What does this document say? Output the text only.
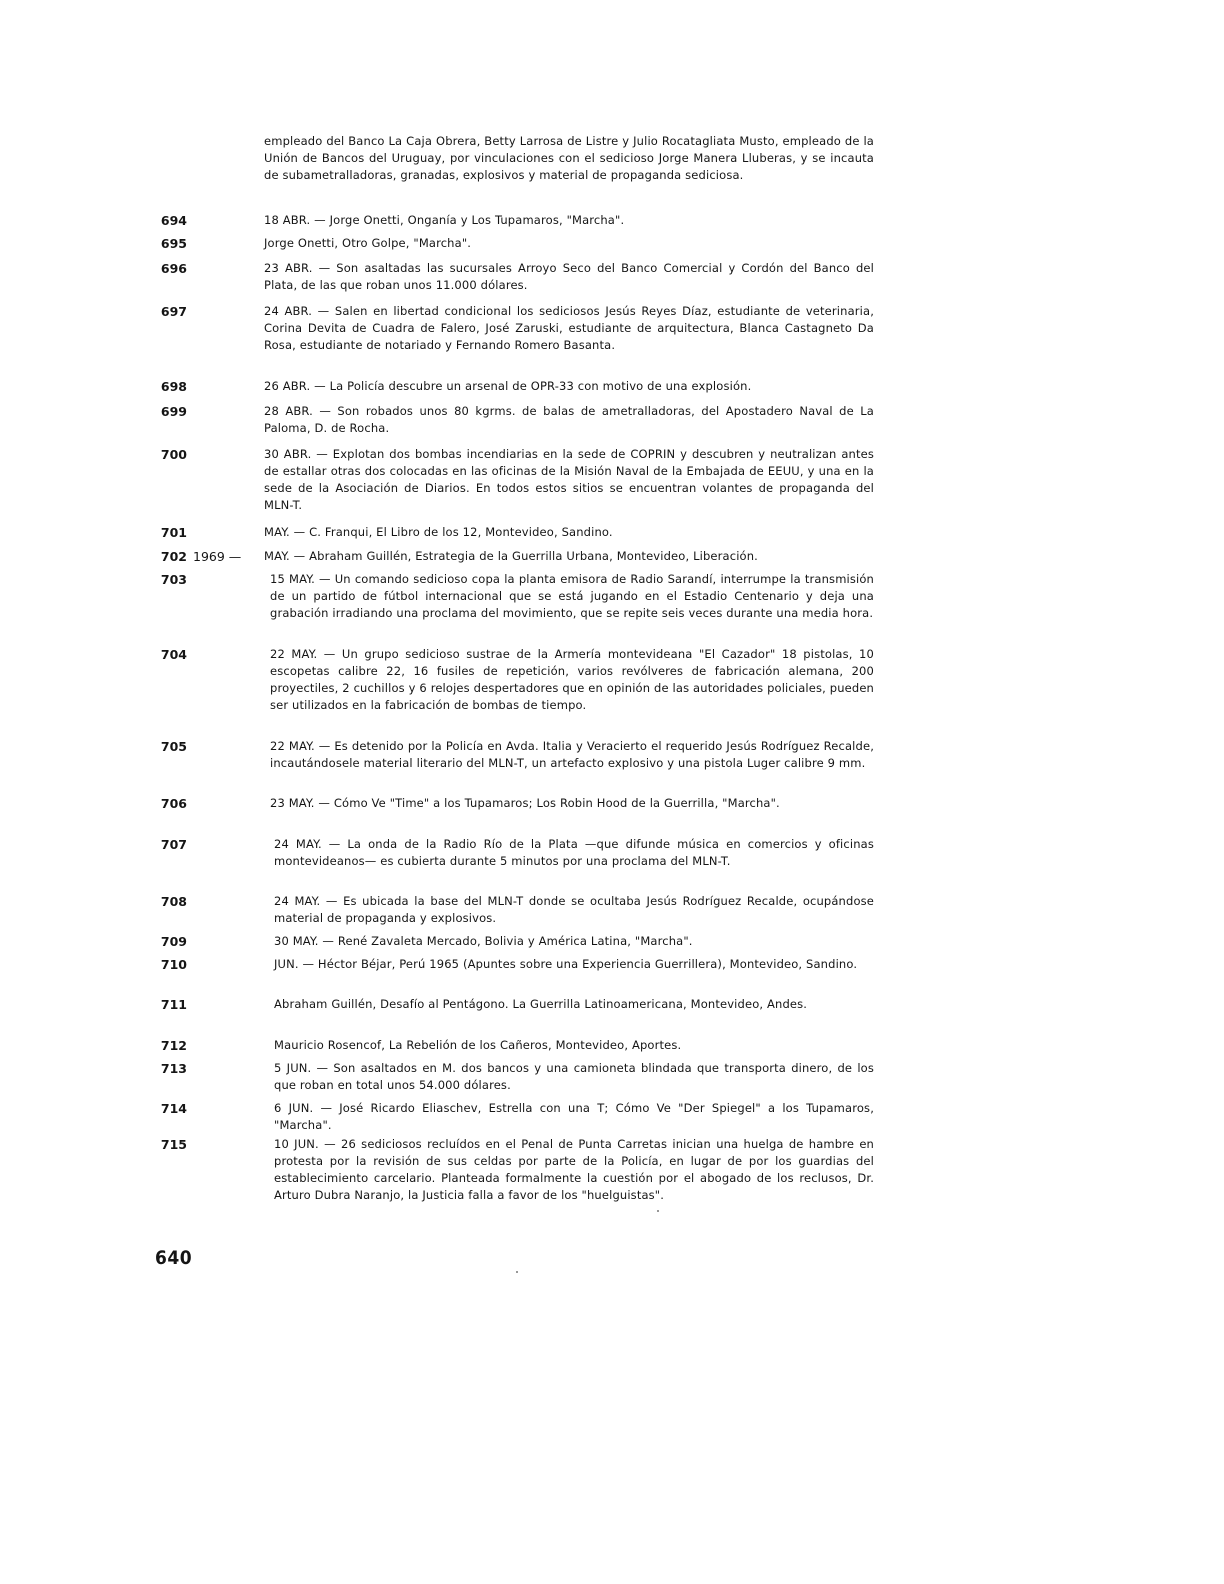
empleado del Banco La Caja Obrera, Betty Larrosa de Listre y Julio Rocatagliata Musto, empleado de la Unión de Bancos del Uruguay, por vinculaciones con el sedicioso Jorge Manera Lluberas, y se incauta de subametralladoras, granadas, explosivos y material de propaganda sediciosa.
694	18 ABR. — Jorge Onetti, Onganía y Los Tupamaros, "Marcha".
695	Jorge Onetti, Otro Golpe, "Marcha".
696	23 ABR. — Son asaltadas las sucursales Arroyo Seco del Banco Comercial y Cordón del Banco del Plata, de las que roban unos 11.000 dólares.
697	24 ABR. — Salen en libertad condicional los sediciosos Jesús Reyes Díaz, estudiante de veterinaria, Corina Devita de Cuadra de Falero, José Zaruski, estudiante de arquitectura, Blanca Castagneto Da Rosa, estudiante de notariado y Fernando Romero Basanta.
698	26 ABR. — La Policía descubre un arsenal de OPR-33 con motivo de una explosión.
699	28 ABR. — Son robados unos 80 kgrms. de balas de ametralladoras, del Apostadero Naval de La Paloma, D. de Rocha.
700	30 ABR. — Explotan dos bombas incendiarias en la sede de COPRIN y descubren y neutralizan antes de estallar otras dos colocadas en las oficinas de la Misión Naval de la Embajada de EEUU, y una en la sede de la Asociación de Diarios. En todos estos sitios se encuentran volantes de propaganda del MLN-T.
701	MAY. — C. Franqui, El Libro de los 12, Montevideo, Sandino.
702 1969 —	MAY. — Abraham Guillén, Estrategia de la Guerrilla Urbana, Montevideo, Liberación.
703	15 MAY. — Un comando sedicioso copa la planta emisora de Radio Sarandí, interrumpe la transmisión de un partido de fútbol internacional que se está jugando en el Estadio Centenario y deja una grabación irradiando una proclama del movimiento, que se repite seis veces durante una media hora.
704	22 MAY. — Un grupo sedicioso sustrae de la Armería montevideana "El Cazador" 18 pistolas, 10 escopetas calibre 22, 16 fusiles de repetición, varios revólveres de fabricación alemana, 200 proyectiles, 2 cuchillos y 6 relojes despertadores que en opinión de las autoridades policiales, pueden ser utilizados en la fabricación de bombas de tiempo.
705	22 MAY. — Es detenido por la Policía en Avda. Italia y Veracierto el requerido Jesús Rodríguez Recalde, incautándosele material literario del MLN-T, un artefacto explosivo y una pistola Luger calibre 9 mm.
706	23 MAY. — Cómo Ve "Time" a los Tupamaros; Los Robin Hood de la Guerrilla, "Marcha".
707	24 MAY. — La onda de la Radio Río de la Plata —que difunde música en comercios y oficinas montevideanos— es cubierta durante 5 minutos por una proclama del MLN-T.
708	24 MAY. — Es ubicada la base del MLN-T donde se ocultaba Jesús Rodríguez Recalde, ocupándose material de propaganda y explosivos.
709	30 MAY. — René Zavaleta Mercado, Bolivia y América Latina, "Marcha".
710	JUN. — Héctor Béjar, Perú 1965 (Apuntes sobre una Experiencia Guerrillera), Montevideo, Sandino.
711	Abraham Guillén, Desafío al Pentágono. La Guerrilla Latinoamericana, Montevideo, Andes.
712	Mauricio Rosencof, La Rebelión de los Cañeros, Montevideo, Aportes.
713	5 JUN. — Son asaltados en M. dos bancos y una camioneta blindada que transporta dinero, de los que roban en total unos 54.000 dólares.
714	6 JUN. — José Ricardo Eliaschev, Estrella con una T; Cómo Ve "Der Spiegel" a los Tupamaros, "Marcha".
715	10 JUN. — 26 sediciosos recluídos en el Penal de Punta Carretas inician una huelga de hambre en protesta por la revisión de sus celdas por parte de la Policía, en lugar de por los guardias del establecimiento carcelario. Planteada formalmente la cuestión por el abogado de los reclusos, Dr. Arturo Dubra Naranjo, la Justicia falla a favor de los "huelguistas".
640
